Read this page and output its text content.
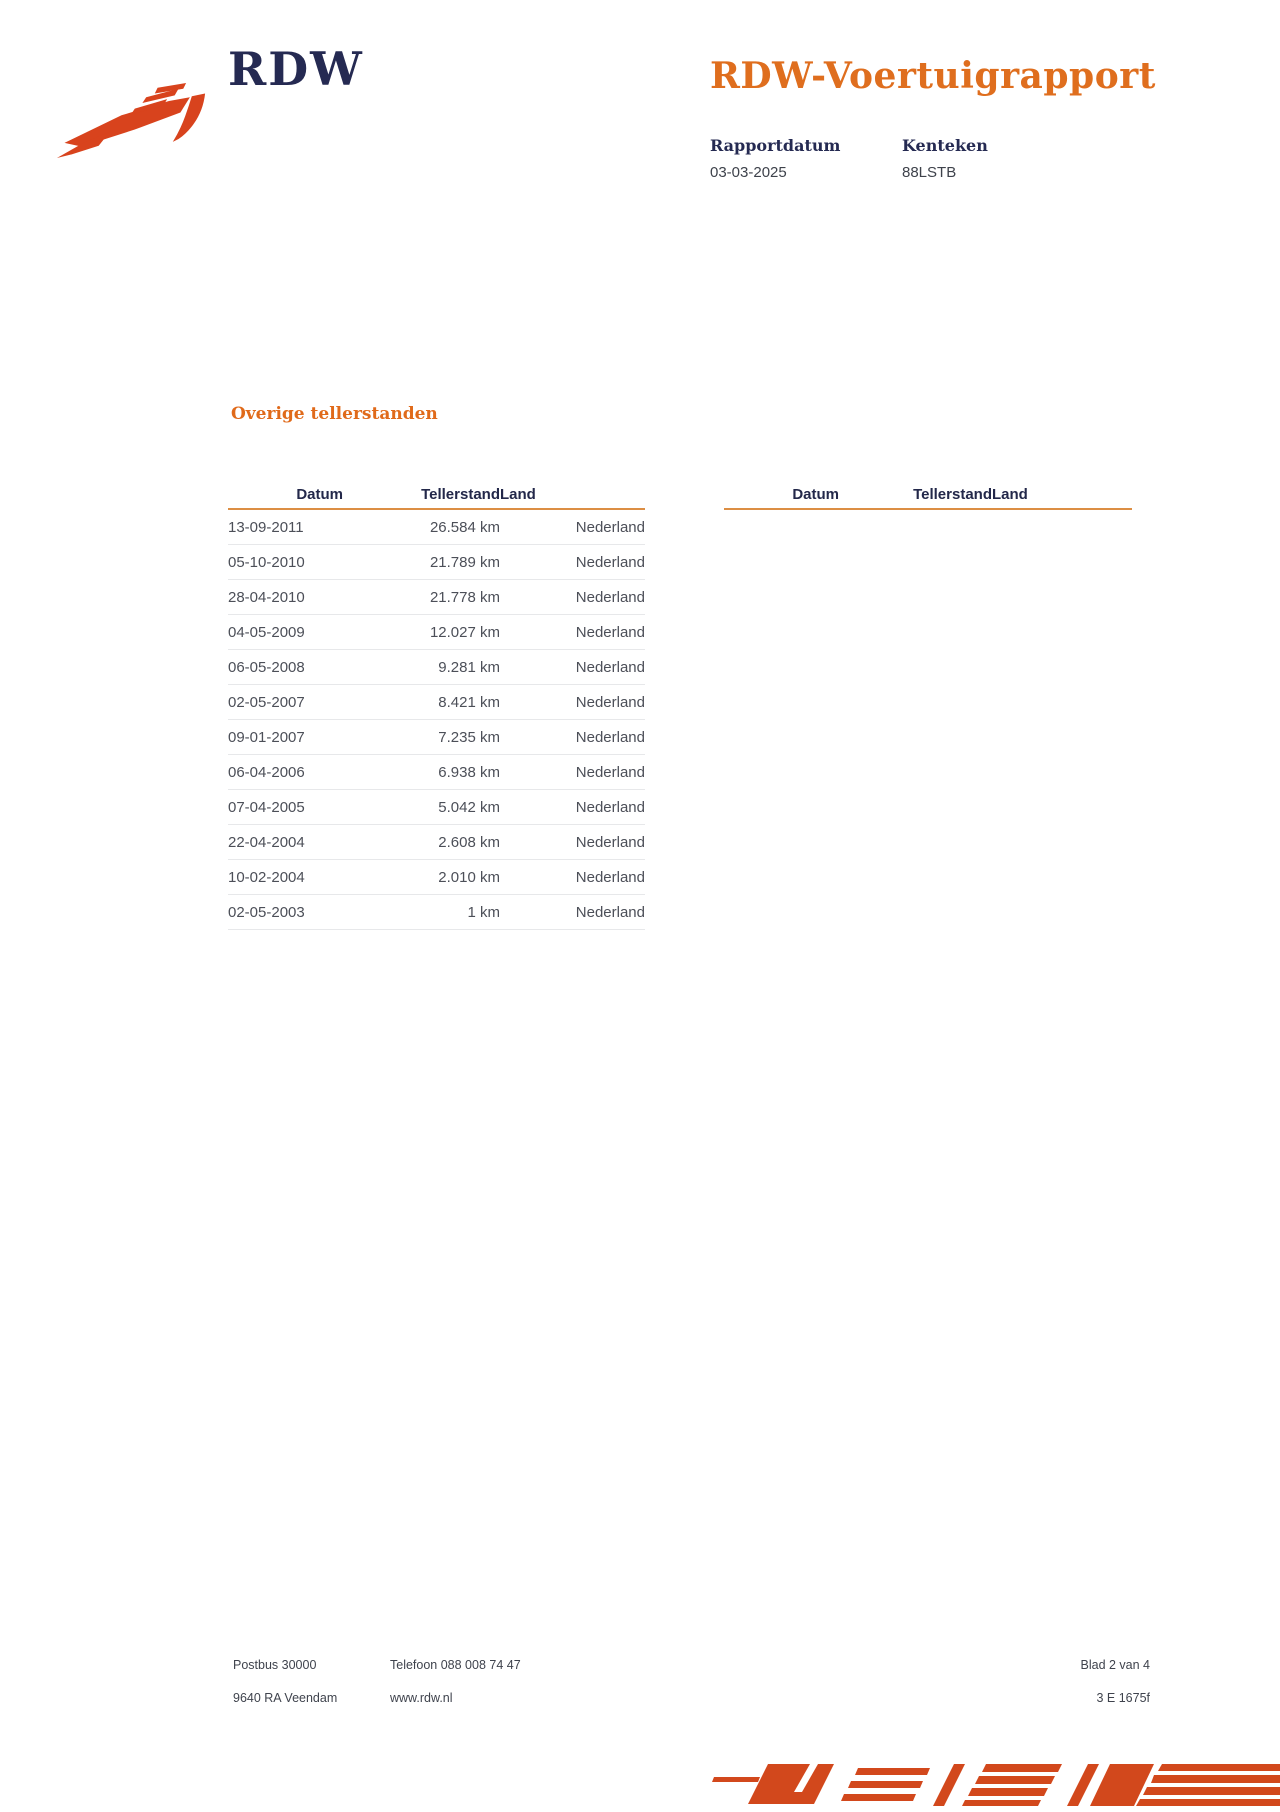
RDW	RDW-Voertuigrapport
Rapportdatum
03-03-2025
Kenteken
88LSTB
Overige tellerstanden
Datum	Tellerstand Land
13-09-2011	26.584 km	Nederland
05-10-2010	21.789 km	Nederland
28-04-2010	21.778 km	Nederland
04-05-2009	12.027 km	Nederland
06-05-2008	9.281 km	Nederland
02-05-2007	8.421 km	Nederland
09-01-2007	7.235 km	Nederland
06-04-2006	6.938 km	Nederland
07-04-2005	5.042 km	Nederland
22-04-2004	2.608 km	Nederland
10-02-2004	2.010 km	Nederland
02-05-2003	1 km	Nederland
Datum	Tellerstand Land
Postbus 30000
9640 RA Veendam
Telefoon 088 008 74 47
www.rdw.nl
Blad 2 van 4
3 E 1675f
